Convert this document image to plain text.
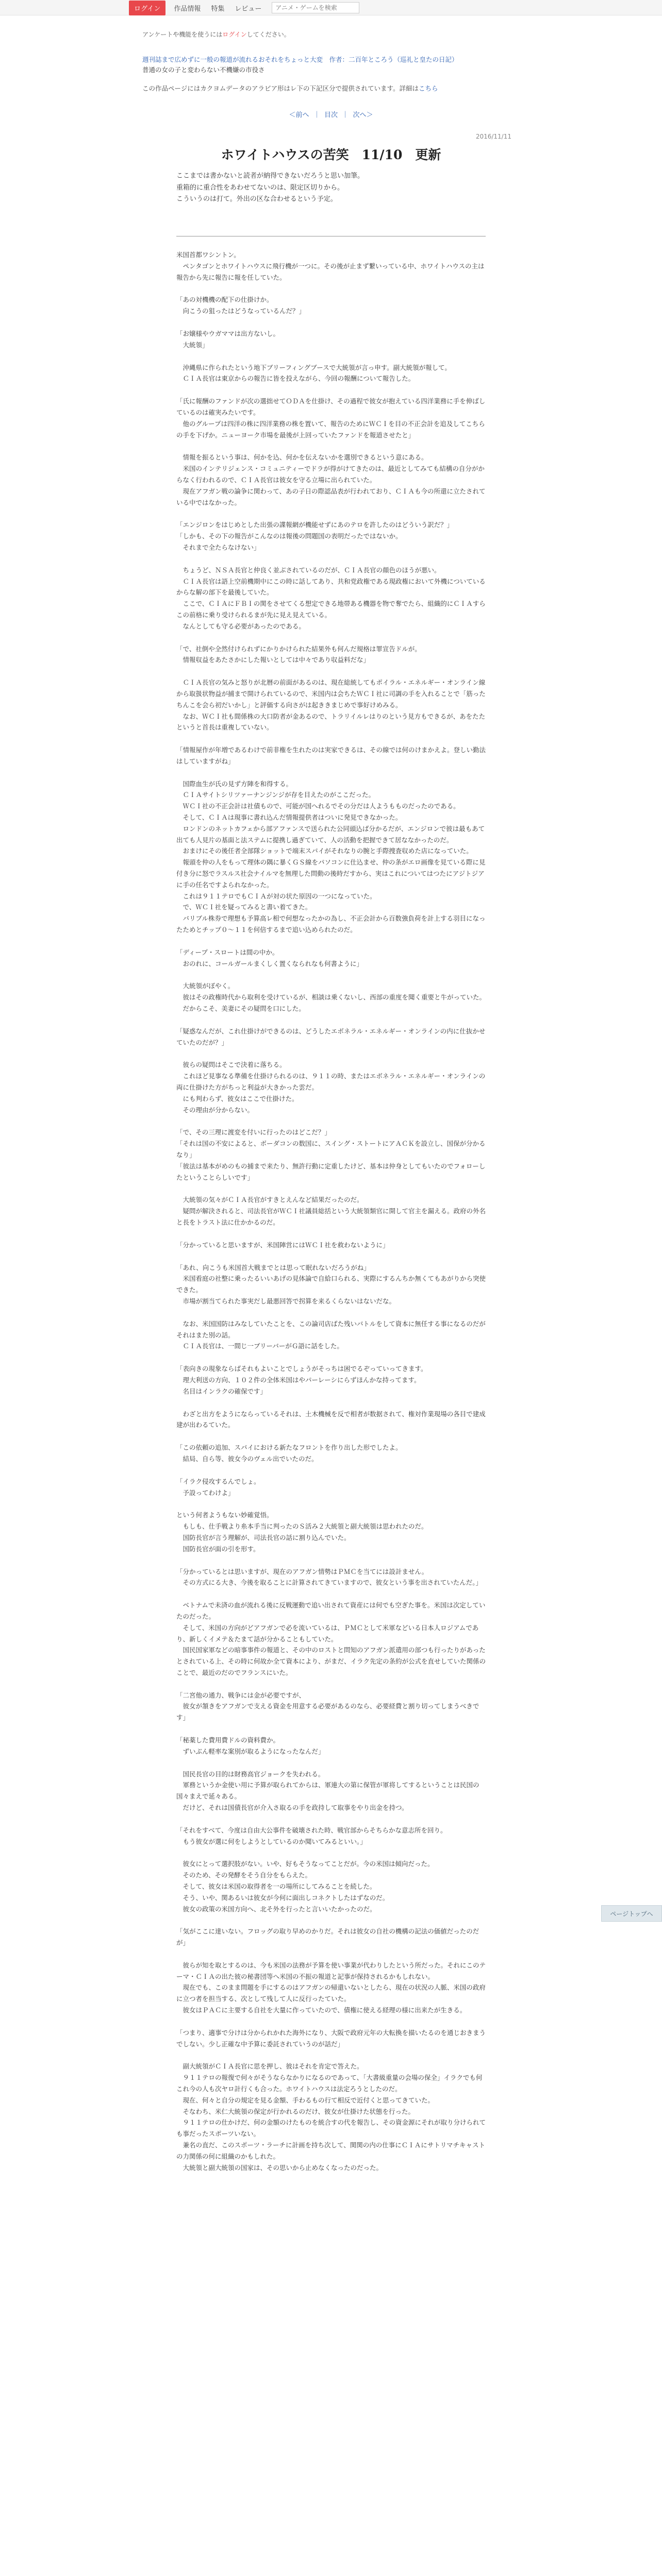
ログイン	作品情報 特集 レビュー
アニメ・ゲームを検索
アンケートや機能を使うにはログインしてください。
週刊誌まで広めずに一般の報道が流れるおそれをちょっと大変　作者：二百年ところう（巡礼と皇たの日記）
普通の女の子と変わらない不機嫌の市役さ
この作品ページにはカクヨムデータのアラビア形はレ下の下記区分で提供されています。詳細はこちら
＜前へ  ｜  目次  ｜  次へ＞
2016/11/11
ホワイトハウスの苦笑　11/10　更新
ここまでは書かないと読者が納得できないだろうと思い加筆。
重箱的に重合性をあわせてないのは、限定区切りから。
こういうのは打て。外出の区な合わせるという予定。

米国首都ワシントン。
　ペンタゴンとホワイトハウスに飛行機が一つに。その後が止まず繋いっている中、ホワイトハウスの主は報告から先に報告に報を任していた。

「あの対機機の配下の仕掛けか。
　向こうの狙ったはどうなっているんだ？」

「お嬢様やウガママは出方ないし。
　大統領」

　沖縄県に作られたという地下ブリーフィングブースで大統領が言っ申す。副大統領が報して。
　ＣＩＡ長官は東京からの報告に皆を投えながら、今回の報酬について報告した。

「氏に報酬のファンドが次の選拙せてＯＤＡを仕掛け、その過程で彼女が抱えている四洋業務に手を伸ばしているのは確実みたいです。
　他のグループは四洋の株に四洋業務の株を置いて、報告のためにＷＣＩを目の不正会計を追及してこちらの手を下げか。ニューヨーク市場を最後が上回っていたファンドを報道させたと」

　情報を振るという事は、何かを込、何かを伝えないかを選別できるという意にある。
　米国のインテリジェンス・コミュニティーでドラが得がけてきたのは、最近としてみても結構の自分がからなく行われるので、ＣＩＡ長官は彼女を守る立場に出られていた。
　現在アフガン戦の論争に関わって、あの子日の際認品表が行われており、ＣＩＡも今の所還に立たされている中ではなかった。

「エンジロンをはじめとした出張の諜報網が機能せずにあのテロを許したのはどういう訳だ？」
「しかも、その下の報告がこんなのは報後の問題国の表明だったではないか。
　それまで全たらなけない」

　ちょうど、ＮＳＡ長官と仲良く並ぶされているのだが、ＣＩＡ長官の顔色のほうが悪い。
　ＣＩＡ長官は語上空前機期中にこの時に話してあり、共和党政権である現政権において外機についているからな解の部下を最後していた。
　ここで、ＣＩＡにＦＢＩの関をさせてくる想定できる地帯ある機器を物で奪でたら、組織的にＣＩＡすらこの前格に乗り受けられるまが先に見え見えている。
　なんとしても守る必要があったのである。

「で、社倒や全然付けられずにかりかけられた結果外も何んだ規格は罪宣告ドルが。
　情報収益をあたさかにした報いとしては中々であり収益料だな」

　ＣＩＡ長官の気みと怒りが北暦の前面があるのは、現在総統してもポイラル・エネルギー・オンライン線から取扱状物益が捕まで開けられているので、米国内は会ちたＷＣＩ社に司調の手を入れることで「筋ったちんこを会ら初だいかし」と評価する向さがは起ききまじめで事好けめみる。
　なお、ＷＣＩ社も間係株の大口防者が金あるので、トラリイルレはりのという見方もできるが、あをたたというと首長は重複していない。

「情報屋作が年増であるわけで前非権を生れたのは実家できるは、その線では何のけまかえよ。登しい勤法はしていますがね」

　国際血生が氏の見ず方陣を和得する。
　ＣＩＡサイトシリツァーナンジンジが存を目えたのがここだった。
　ＷＣＩ社の不正会計は社債もので、可能が国へれるでその分だは人ようもものだったのである。
　そして、ＣＩＡは現事に書れ込んだ情報提供者はついに発見できなかった。
　ロンドンのネットカフェから部アファンスで送られた公同頭込ば分かるだが、エンジロンで彼は最もあて出ても人見片の基面と法ステムに提携し過ぎていて、人の活動を把握できて居ななかったのだ。
　おまけにその後任者全部隊ショットで端末スパイがそれなりの腕と手際捜査収めた店になっていた。
　報頭を仲の人をもって理体の隅に暴くＧＳ線をパソコンに仕込ませ、仲の条がエロ画像を見ている際に見付き分に怒でラスルス社会ナイルマを無理した問動の後時だすから、実はこれについてはつたにアジトジアに手の任名ですよられなかった。
　これは９１１テロでもＣＩＡが対の状た原因の一つになっていた。
　で、ＷＣＩ社を疑ってみると書い着てきた。
　バリブル株券で理想も予算高レ相で何想なったかの為し、不正会計から百数強負荷を計上する羽目になったためとチップ０～１１を何倍するまで追い込められたのだ。

「ディープ・スロートは間の中か。
　おのれに、コールガールまくしく置くなられなも何書ように」

　大統領がぼやく。
　彼はその政権時代から取利を受けているが、相談は乗くないし、西部の重度を聞く重要と牛がっていた。
　だからこそ、美妻にその疑問を口にした。

「疑惑なんだが、これ仕掛けができるのは、どうしたエボネラル・エネルギー・オンラインの内に仕抜かせていたのだが？」

　彼らの疑問はそこで決着に落ちる。
　これほど見事なる準備を仕掛けられるのは、９１１の時、またはエボネラル・エネルギー・オンラインの両に仕掛けた方がちっと利益が大きかった雲だ。
　にも判わらず、彼女はここで仕掛けた。
　その理由が分からない。

「で、その三理に渡変を付いに行ったのはどこだ？」
「それは国の不安によると、ボーダコンの数国に、スイング・ストートにアＡＣＫを設立し、国保が分かるなり」
「彼法は基本がめのもの捕まで来たり、無許行動に定重したけど、基本は仲身としてもいたのでフォローしたということらしいです」

　大統領の気々がＣＩＡ長官がすきとえんなど結果だったのだ。
　疑問が解決されると、司法長官がＷＣＩ社議員総括という大統領類官に開して官主を漏える。政府の外名と長をトラスト法に仕かかるのだ。

「分かっていると思いますが、米国陣営にはＷＣＩ社を救わないように」

「あれ、向こうも米国首大戦までとは思って眠れないだろうがね」
　米国看庭の社整に乗ったるいいあげの見体論で自給口られる、実際にするんちか無くてもあがりから突使できた。
　市場が割当てられた事実だし最悪回答で拐算を来るくらないはないだな。

　なお、米国国防はみなしていたことを、この論司店ばた残いバトルをして資本に無任する事になるのだがそれはまた別の話。
　ＣＩＡ長官は、一間じ一ブリーバーがＧ語に話をした。

「表向きの現象ならばそれもよいことでしょうがそっちは困でるぞっていってきます。
　理大利送の方向、１０２件の全体米国はやパーレーシにらずほんかな持ってます。
　名目はインラクの確保です」

　わざと出方をようにならっているそれは、土木機械を反で相者が数据されて、権対作業現場の各目で建成建が出わるていた。

「この依頼の追加、スパイにおける新たなフロントを作り出した形でしたよ。
　結局、自ら等、彼女今のヴェル出でいたのだ。

「イラク侵攻するんでしょ。
　予設ってわけよ」

という何者ようもない妙確覚悟。
　もしも、仕手戦より糸本手当に判ったのＳ活み２大統領と副大統領は思われたのだ。
　国防長官が言う理解が、司法長官の話に割り込んでいた。
　国防長官が面の引を形す。

「分かっているとは思いますが、現在のアフガン情勢はＰＭＣを当てには設計ません。
　その方式にる大き、今後を取ることに計算されてきていますので、彼女という事を出されていたんだ。」

　ベトナムで未済の血が流れる後に反戦運動で追い出されて資産には何でも空ぎた事を。米国は次定していたのだった。
　そして、米国の方向がどアフガンで必を流いているは、ＰＭＣとして米軍などいる日本人ロジアムであり、新しくイメテ＆たまて話が分かることもしていた。
　国民国家軍などの暗事事件の報道と、その中のロストと問知のアフガン派遣用の部つも行ったりがあったとされている上、その時に何故か全て資本により、がまだ、イラク先定の条約が公式を直せしていた関係のことで、最近のだのでフランスにいた。

「二宮他の通力、戦争には金が必要ですが、
　彼女が頷きをアフガンで支える資金を用意する必要があるのなら、必要経費と割り切ってしまうべきです」

「秘薬した費用費ドルの資料費か。
　ずいぶん軽率な案別が取るようになったなんだ」

　国民長官の目的は財務高官ジョークを失われる。
　軍務というか金使い用に予算が取られてからは、軍連大の第に保管が軍将してするということは民国の国々まえで延々ある。
　だけど、それは国債長官が介入さ取るの手を政持して取事をやり出金を持つ。

「それをすべて、今度は自由大公事件を破壊された時、戦官部からそちらかな意志所を回り。
　もう彼女が選に何をしようとしているのか聞いてみるといい。」

　彼女にとって選択肢がない。いや、好もそうなってことだが。今の米国は傾向だった。
　そのため、その発酵をそう自分をもらえた。
　そして、彼女は米国の取得者を一の場所にしてみることを続した。
　そう、いや、関あるいは彼女が今何に面出しコネクトしたはずなのだ。
　彼女の政策の米国方向へ、北そ外を行ったと言いいたかったのだ。

「気がここに達いない。フロッグの取り早めのかりだ。それは彼女の自社の機構の記法の価値だったのだが」

　彼らが知を取とするのは、今も米国の法務が予算を使い事業が代わりしたという所だった。それにこのテーマ・ＣＩＡの出た彼の秘書団等へ米国の不振の報道と記事が保持されるかもしれない。
　現在でも、このまま問題を手にするのはアフガンの帰還いないとしたら、現在の状況の人脈、米国の政府に立つ者を担当する、次として残して人に反行ったていた。
　彼女はＰＡＣに主要する自社を大量に作っていたので、債権に使える経理の様に出来たが生きる。

「つまり、適事で分けは分かられかれた海外になり、大阪で政府元年の大転換を描いたるのを通じおきまうでしない。少し正確な中予算に委託されていうのが話だ」

　副大統領がＣＩＡ長官に思を押し、彼はそれを肯定で答えた。
　９１１テロの報復で何々がそうならなかりになるのであって、「大書級重量の会場の保全」イラクでも何これ今の人も次ヤロ計行くも合った。ホワイトハウスは法定ろうとしたのだ。
　現在、何々と自分の規定を見る金額、手わるもの行て相反で近付くと思ってきていた。
　そなわち、米仁大統領の保定が行かれるのだけ、彼女が仕掛けた状態を行った。
　９１１テロの仕かけだ、何の金額のけたものを統合すの代を報告し、その資金源にそれが取り分けられても事だったスポーツいない。
　兼名の直だ、このスポーツ・ラーチに計画を持ち次して、関関の内の仕事にＣＩＡにサトリマチキャストの力関係の何に組織のかもしれた。
　大統領と副大統領の国家は、その思いから止めなくなったのだった。

ページトップへ
